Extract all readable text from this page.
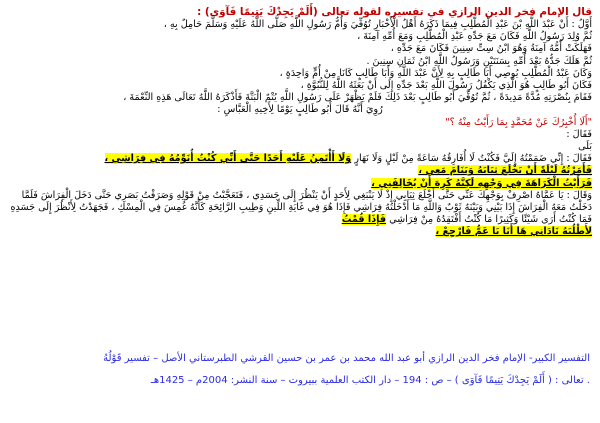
قال الإمام فخر الدين الرازي في تفسيره لقوله تعالى (أَلَمْ يَجِدْكَ يَتِيمًا فَآوَى) :

أَوَّلُ : أَنْ عَبْدَ اللَّهِ بْنَ عَبْدِ الْمُطَّلِبِ فِيمَا ذَكَرَهُ أَهْلُ الْأَخْبَارِ تُوُفِّيَ وَأُمُّ رَسُولِ اللَّهِ صَلَّى اللَّهُ عَلَيْهِ وَسَلَّمَ حَامِلٌ بِهِ ،

ثُمَّ وُلِدَ رَسُولُ اللَّهِ فَكَانَ مَعَ جَدِّهِ عَبْدِ الْمُطَّلِبِ وَمَعَ أُمِّهِ آمِنَةَ ،

فَهَلَكَتْ أُمُّهُ آمِنَةُ وَهُوَ ابْنُ سِتِّ سِنِينَ فَكَانَ مَعَ جَدِّهِ ،

ثُمَّ هَلَكَ جَدُّهُ بَعْدَ أُمِّهِ بِسَنَتَيْنِ وَرَسُولُ اللَّهِ ابْنُ ثَمَانِ سِنِينَ .

وَكَانَ عَبْدُ الْمُطَّلِبِ يُوصِي أَبَا طَالِبٍ بِهِ لِأَنَّ عَبْدَ اللَّهِ وَأَبَا طَالِبٍ كَانَا مِنْ أُمٍّ وَاحِدَةٍ ،

فَكَانَ أَبُو طَالِبٍ هُوَ الَّذِي يَكْفُلُ رَسُولَ اللَّهِ بَعْدَ جَدِّهِ إِلَى أَنْ بَعَثَهُ اللَّهُ لِلنُّبُوَّةِ ،

فَقَامَ بِنُصْرَتِهِ مُدَّةً مَدِيدَةً ، ثُمَّ تُوُفِّيَ أَبُو طَالِبٍ بَعْدَ ذَلِكَ فَلَمْ يَظْهَرْ عَلَى رَسُولِ اللَّهِ يُتْمٌ الْبَتَّةَ فَأَذْكَرَهُ اللَّهُ تَعَالَى هَذِهِ النِّعْمَةَ ،

رُوِيَ أَنَّهُ قَالَ أَبُو طَالِبٍ يَوْمًا لِأَخِيهِ الْعَبَّاسِ :

"أَلَا أُخْبِرُكَ عَنْ مُحَمَّدٍ بِمَا رَأَيْتُ مِنْهُ ؟"

فَقَالَ :

بَلَى

فَقَالَ : إِنِّي ضَمَمْتُهُ إِلَيَّ فَكُنْتُ لَا أُفَارِقُهُ سَاعَةً مِنْ لَيْلٍ وَلَا نَهَارٍ وَلَا أَأْتَمِنُ عَلَيْهِ أَحَدًا حَتَّى أَنِّي كُنْتُ أُنَوِّمُهُ فِي فِرَاشِي ،

فَأَمَرْتُهُ لَيْلَةً أَنْ يَخْلَعَ ثِيَابَهُ وَيَنَامَ مَعِي ،

فَرَأَيْتُ الْكَرَاهَةَ فِي وَجْهِهِ لَكِنَّهُ كَرِهَ أَنْ يُخَالِفَنِي ،

وَقَالَ : يَا عَمَّاهُ اصْرِفْ بِوَجْهِكَ عَنِّي حَتَّى أَخْلَعَ ثِيَابِي إِذْ لَا يَنْبَغِي لِأَحَدٍ أَنْ يَنْظُرَ إِلَى جَسَدِي ، فَتَعَجَّبْتُ مِنْ قَوْلِهِ وَصَرَفْتُ بَصَرِي حَتَّى دَخَلَ الْفِرَاشَ فَلَمَّا دَخَلْتُ مَعَهُ الْفِرَاشَ إِذَا بَيْنِي وَبَيْنَهُ ثَوْبٌ وَاللَّهِ مَا أَدْخَلْتُهُ فِرَاشِي فَإِذَا هُوَ فِي غَايَةِ اللِّينِ وَطِيبِ الرَّائِحَةِ كَأَنَّهُ غُمِسَ فِي الْمِسْكِ ، فَجَهَدْتُ لِأَنْظُرَ إِلَى جَسَدِهِ فَمَا كُنْتُ أَرَى شَيْئًا وَكَثِيرًا مَا كُنْتُ أَفْتَقِدُهُ مِنْ فِرَاشِي فَإِذَا قُمْتُ

لِأَطْلُبَهُ نَادَانِي هَا أَنَا يَا عَمُّ فَارْجِعْ ،

التفسير الكبير- الإمام فخر الدين الرازي أبو عبد الله محمد بن عمر بن حسين القرشي الطبرستاني الأصل – تفسير قَوْلُهُ

. تعالى : ( أَلَمْ يَجِدْكَ يَتِيمًا فَآوَى ) – ص : 194 – دار الكتب العلمية ببيروت – سنة النشر: 2004م – 1425هـ
